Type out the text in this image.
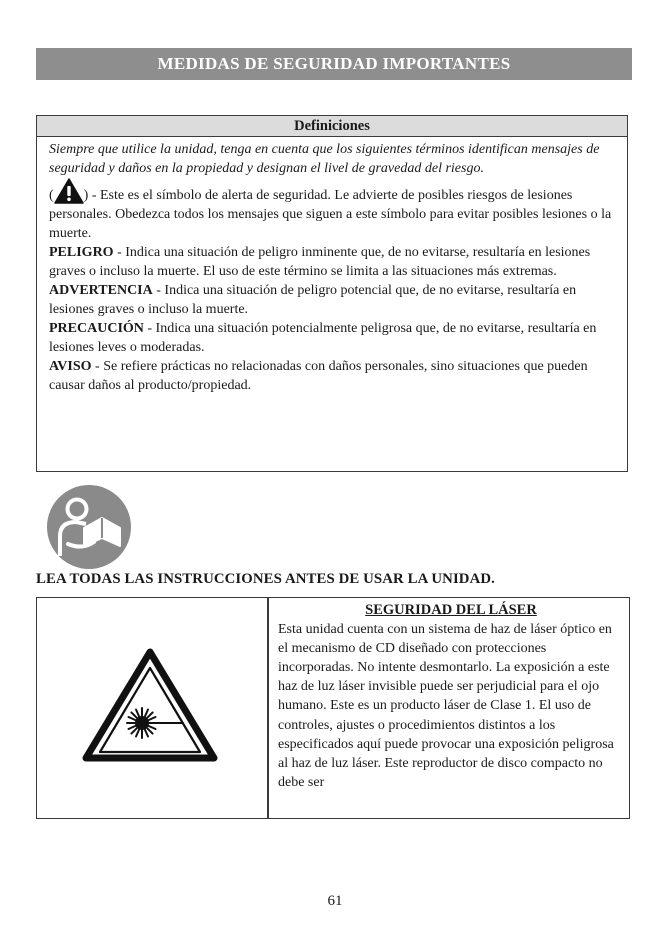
MEDIDAS DE SEGURIDAD IMPORTANTES
Definiciones

Siempre que utilice la unidad, tenga en cuenta que los siguientes términos identifican mensajes de seguridad y daños en la propiedad y designan el livel de gravedad del riesgo.

( ) - Este es el símbolo de alerta de seguridad. Le advierte de posibles riesgos de lesiones personales. Obedezca todos los mensajes que siguen a este símbolo para evitar posibles lesiones o la muerte.

PELIGRO - Indica una situación de peligro inminente que, de no evitarse, resultaría en lesiones graves o incluso la muerte. El uso de este término se limita a las situaciones más extremas.

ADVERTENCIA - Indica una situación de peligro potencial que, de no evitarse, resultaría en lesiones graves o incluso la muerte.

PRECAUCIÓN - Indica una situación potencialmente peligrosa que, de no evitarse, resultaría en lesiones leves o moderadas.

AVISO - Se refiere prácticas no relacionadas con daños personales, sino situaciones que pueden causar daños al producto/propiedad.

LEA TODAS LAS INSTRUCCIONES ANTES DE USAR LA UNIDAD.
SEGURIDAD DEL LÁSER

Esta unidad cuenta con un sistema de haz de láser óptico en el mecanismo de CD diseñado con protecciones incorporadas. No intente desmontarlo. La exposición a este haz de luz láser invisible puede ser perjudicial para el ojo humano. Este es un producto láser de Clase 1. El uso de controles, ajustes o procedimientos distintos a los especificados aquí puede provocar una exposición peligrosa al haz de luz láser. Este reproductor de disco compacto no debe ser

61
